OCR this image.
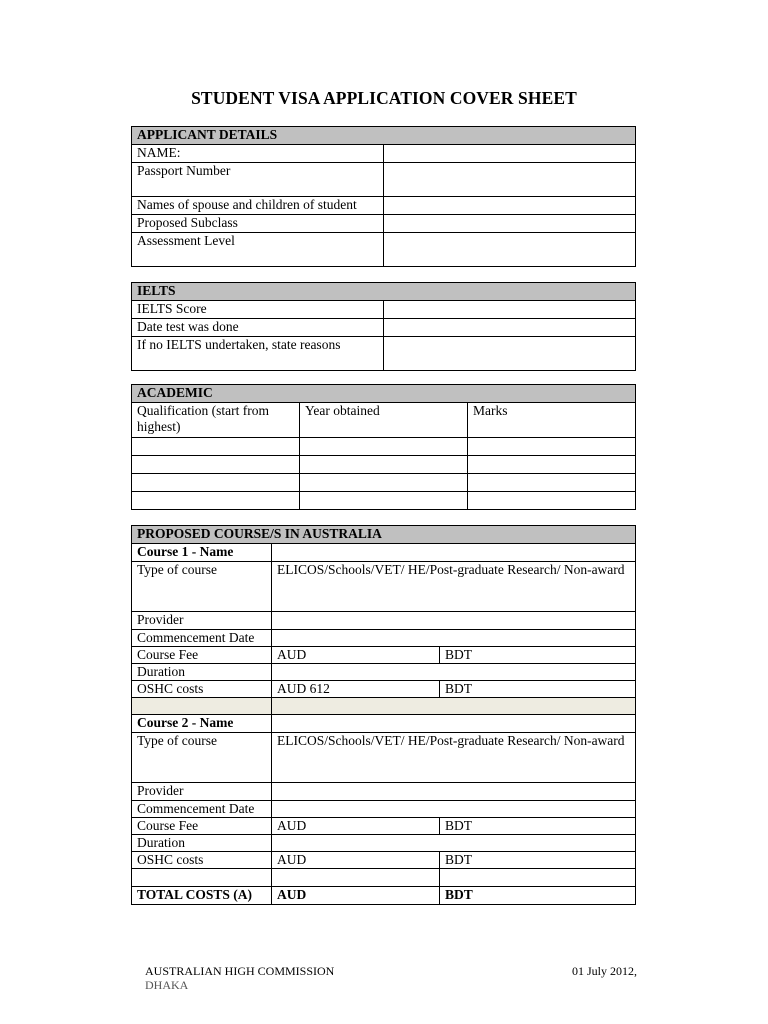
STUDENT VISA APPLICATION COVER SHEET
APPLICANT DETAILS	
NAME:	
Passport Number	
Names of spouse and children of student	
Proposed Subclass	
Assessment Level	
IELTS	
IELTS Score	
Date test was done	
If no IELTS undertaken, state reasons	
ACADEMIC		
Qualification (start from highest)	Year obtained	Marks

PROPOSED COURSE/S IN AUSTRALIA		
Course 1 - Name		
Type of course	ELICOS/Schools/VET/ HE/Post-graduate Research/ Non-award	
Provider		
Commencement Date		
Course Fee	AUD	BDT
Duration		
OSHC costs	AUD 612	BDT

Course 2 - Name		
Type of course	ELICOS/Schools/VET/ HE/Post-graduate Research/ Non-award	
Provider		
Commencement Date		
Course Fee	AUD	BDT
Duration		
OSHC costs	AUD	BDT

TOTAL COSTS (A)	AUD	BDT
AUSTRALIAN HIGH COMMISSION
DHAKA
01 July 2012,
